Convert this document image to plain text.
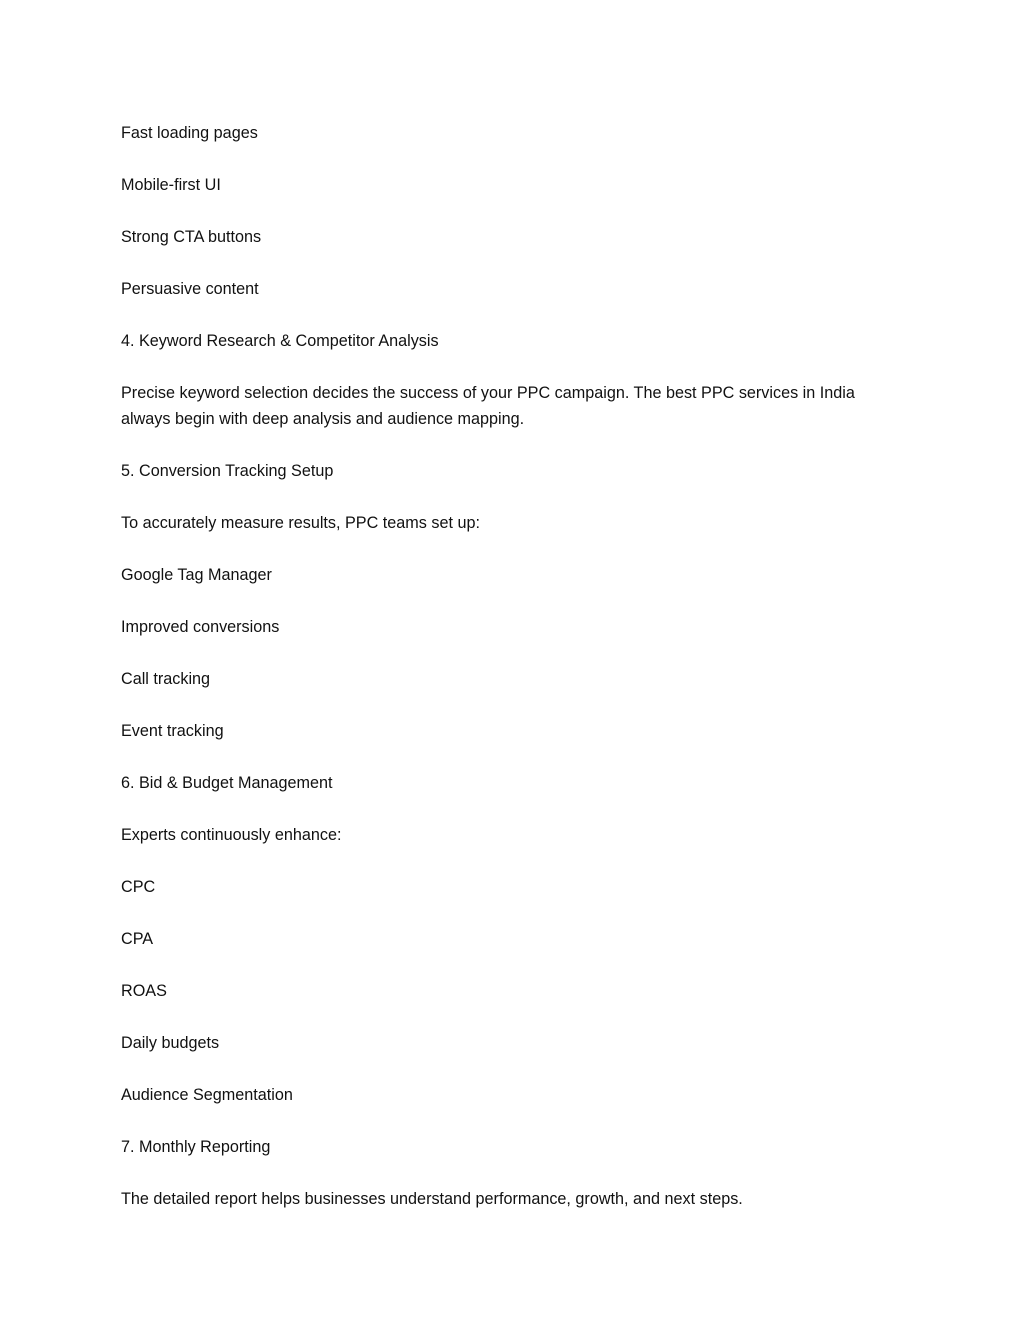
Fast loading pages

Mobile-first UI

Strong CTA buttons

Persuasive content

4. Keyword Research & Competitor Analysis

Precise keyword selection decides the success of your PPC campaign. The best PPC services in India always begin with deep analysis and audience mapping.

5. Conversion Tracking Setup

To accurately measure results, PPC teams set up:

Google Tag Manager

Improved conversions

Call tracking

Event tracking

6. Bid & Budget Management

Experts continuously enhance:

CPC

CPA

ROAS

Daily budgets

Audience Segmentation

7. Monthly Reporting

The detailed report helps businesses understand performance, growth, and next steps.
